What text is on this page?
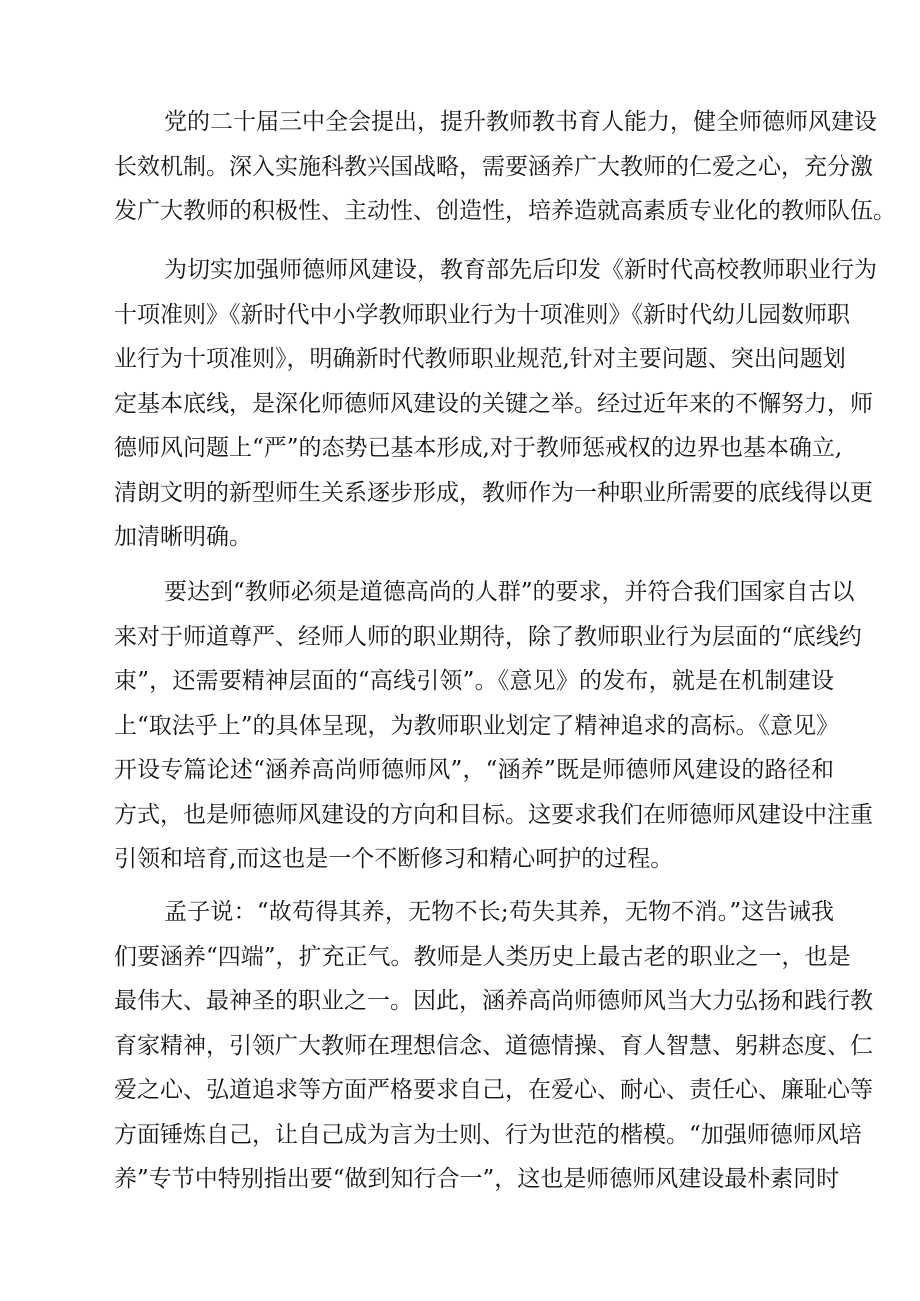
党的二十届三中全会提出，提升教师教书育人能力，健全师德师风建设
长效机制。深入实施科教兴国战略，需要涵养广大教师的仁爱之心，充分激
发广大教师的积极性、主动性、创造性，培养造就高素质专业化的教师队伍。
为切实加强师德师风建设，教育部先后印发《新时代高校教师职业行为
十项准则》《新时代中小学教师职业行为十项准则》《新时代幼儿园数师职
业行为十项准则》，明确新时代教师职业规范,针对主要问题、突出问题划
定基本底线，是深化师德师风建设的关键之举。经过近年来的不懈努力，师
德师风问题上“严”的态势已基本形成,对于教师惩戒权的边界也基本确立,
清朗文明的新型师生关系逐步形成，教师作为一种职业所需要的底线得以更
加清晰明确。
要达到“教师必须是道德高尚的人群”的要求，并符合我们国家自古以
来对于师道尊严、经师人师的职业期待，除了教师职业行为层面的“底线约
束”，还需要精神层面的“高线引领”。《意见》的发布，就是在机制建设
上“取法乎上”的具体呈现，为教师职业划定了精神追求的高标。《意见》
开设专篇论述“涵养高尚师德师风”，“涵养”既是师德师风建设的路径和
方式，也是师德师风建设的方向和目标。这要求我们在师德师风建设中注重
引领和培育,而这也是一个不断修习和精心呵护的过程。
孟子说：“故苟得其养，无物不长;苟失其养，无物不消。”这告诫我
们要涵养“四端”，扩充正气。教师是人类历史上最古老的职业之一，也是
最伟大、最神圣的职业之一。因此，涵养高尚师德师风当大力弘扬和践行教
育家精神，引领广大教师在理想信念、道德情操、育人智慧、躬耕态度、仁
爱之心、弘道追求等方面严格要求自己，在爱心、耐心、责任心、廉耻心等
方面锤炼自己，让自己成为言为士则、行为世范的楷模。“加强师德师风培
养”专节中特别指出要“做到知行合一”，这也是师德师风建设最朴素同时
